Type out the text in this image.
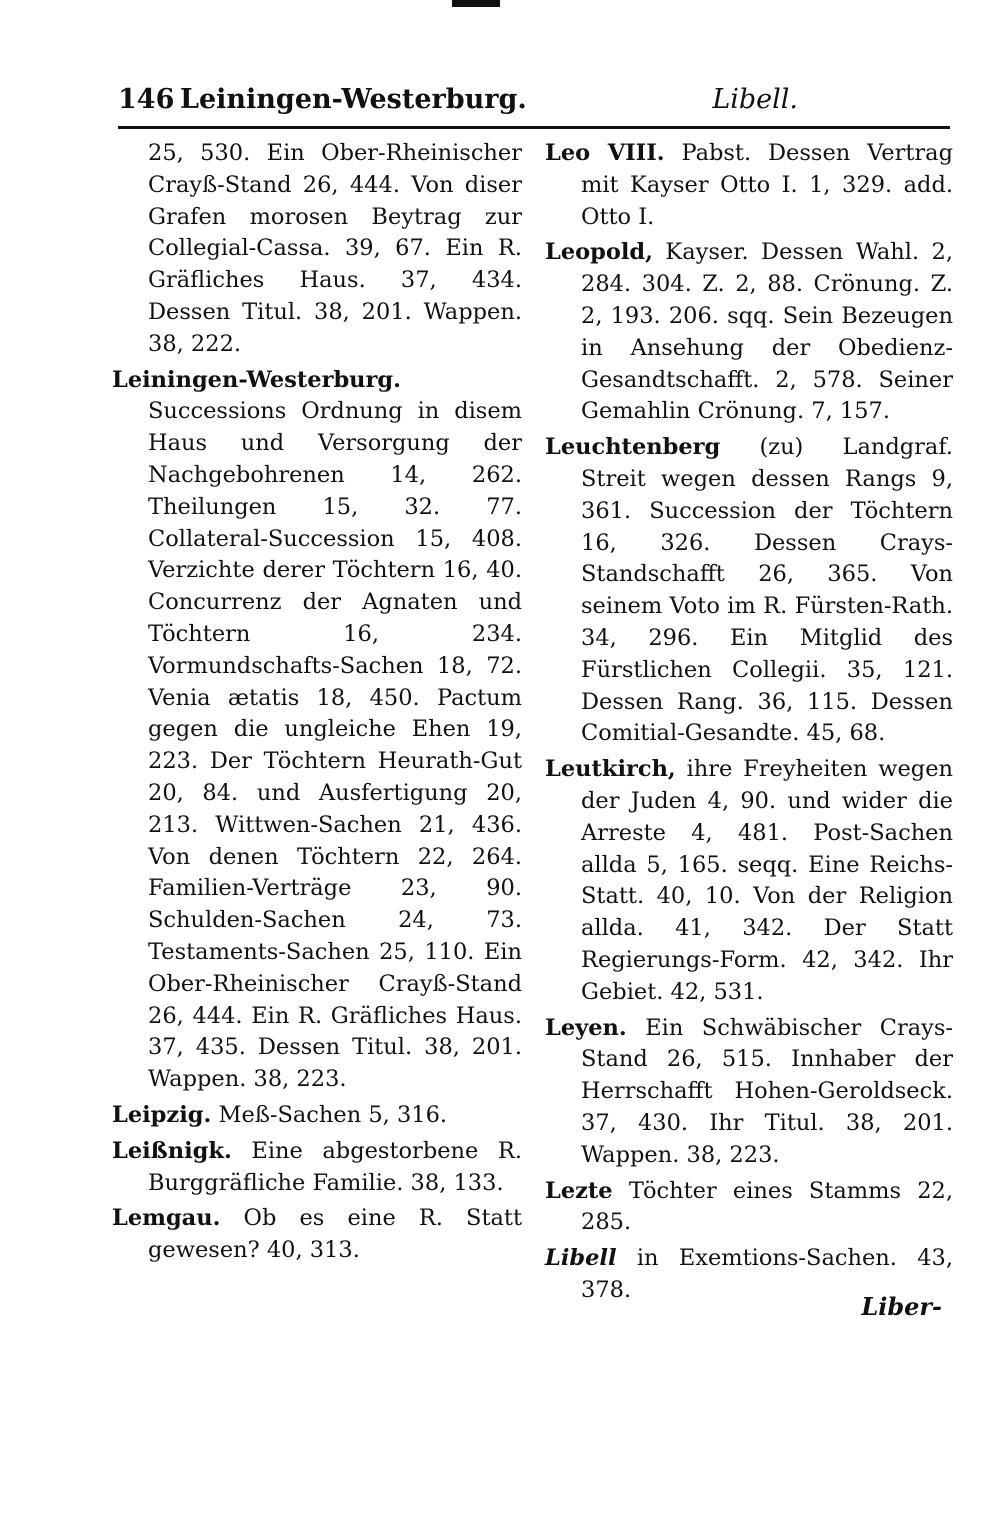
146 Leiningen-Westerburg.	Libell.
25, 530. Ein Ober-Rheinischer Crayß-Stand 26, 444. Von diser Grafen morosen Beytrag zur Collegial-Cassa. 39, 67. Ein R. Gräfliches Haus. 37, 434. Dessen Titul. 38, 201. Wappen. 38, 222.
Leiningen-Westerburg. Successions Ordnung in disem Haus und Versorgung der Nachgebohrenen 14, 262. Theilungen 15, 32. 77. Collateral-Succession 15, 408. Verzichte derer Töchtern 16, 40. Concurrenz der Agnaten und Töchtern 16, 234. Vormundschafts-Sachen 18, 72. Venia ætatis 18, 450. Pactum gegen die ungleiche Ehen 19, 223. Der Töchtern Heurath-Gut 20, 84. und Ausfertigung 20, 213. Wittwen-Sachen 21, 436. Von denen Töchtern 22, 264. Familien-Verträge 23, 90. Schulden-Sachen 24, 73. Testaments-Sachen 25, 110. Ein Ober-Rheinischer Crayß-Stand 26, 444. Ein R. Gräfliches Haus. 37, 435. Dessen Titul. 38, 201. Wappen. 38, 223.
Leipzig. Meß-Sachen 5, 316.
Leißnigk. Eine abgestorbene R. Burggräfliche Familie. 38, 133.
Lemgau. Ob es eine R. Statt gewesen? 40, 313.
Leo VIII. Pabst. Dessen Vertrag mit Kayser Otto I. 1, 329. add. Otto I.
Leopold, Kayser. Dessen Wahl. 2, 284. 304. Z. 2, 88. Crönung. Z. 2, 193. 206. sqq. Sein Bezeugen in Ansehung der Obedienz-Gesandtschafft. 2, 578. Seiner Gemahlin Crönung. 7, 157.
Leuchtenberg (zu) Landgraf. Streit wegen dessen Rangs 9, 361. Succession der Töchtern 16, 326. Dessen Crays-Standschafft 26, 365. Von seinem Voto im R. Fürsten-Rath. 34, 296. Ein Mitglid des Fürstlichen Collegii. 35, 121. Dessen Rang. 36, 115. Dessen Comitial-Gesandte. 45, 68.
Leutkirch, ihre Freyheiten wegen der Juden 4, 90. und wider die Arreste 4, 481. Post-Sachen allda 5, 165. seqq. Eine Reichs-Statt. 40, 10. Von der Religion allda. 41, 342. Der Statt Regierungs-Form. 42, 342. Ihr Gebiet. 42, 531.
Leyen. Ein Schwäbischer Crays-Stand 26, 515. Innhaber der Herrschafft Hohen-Geroldseck. 37, 430. Ihr Titul. 38, 201. Wappen. 38, 223.
Lezte Töchter eines Stamms 22, 285.
Libell in Exemtions-Sachen. 43, 378.
Liber-
